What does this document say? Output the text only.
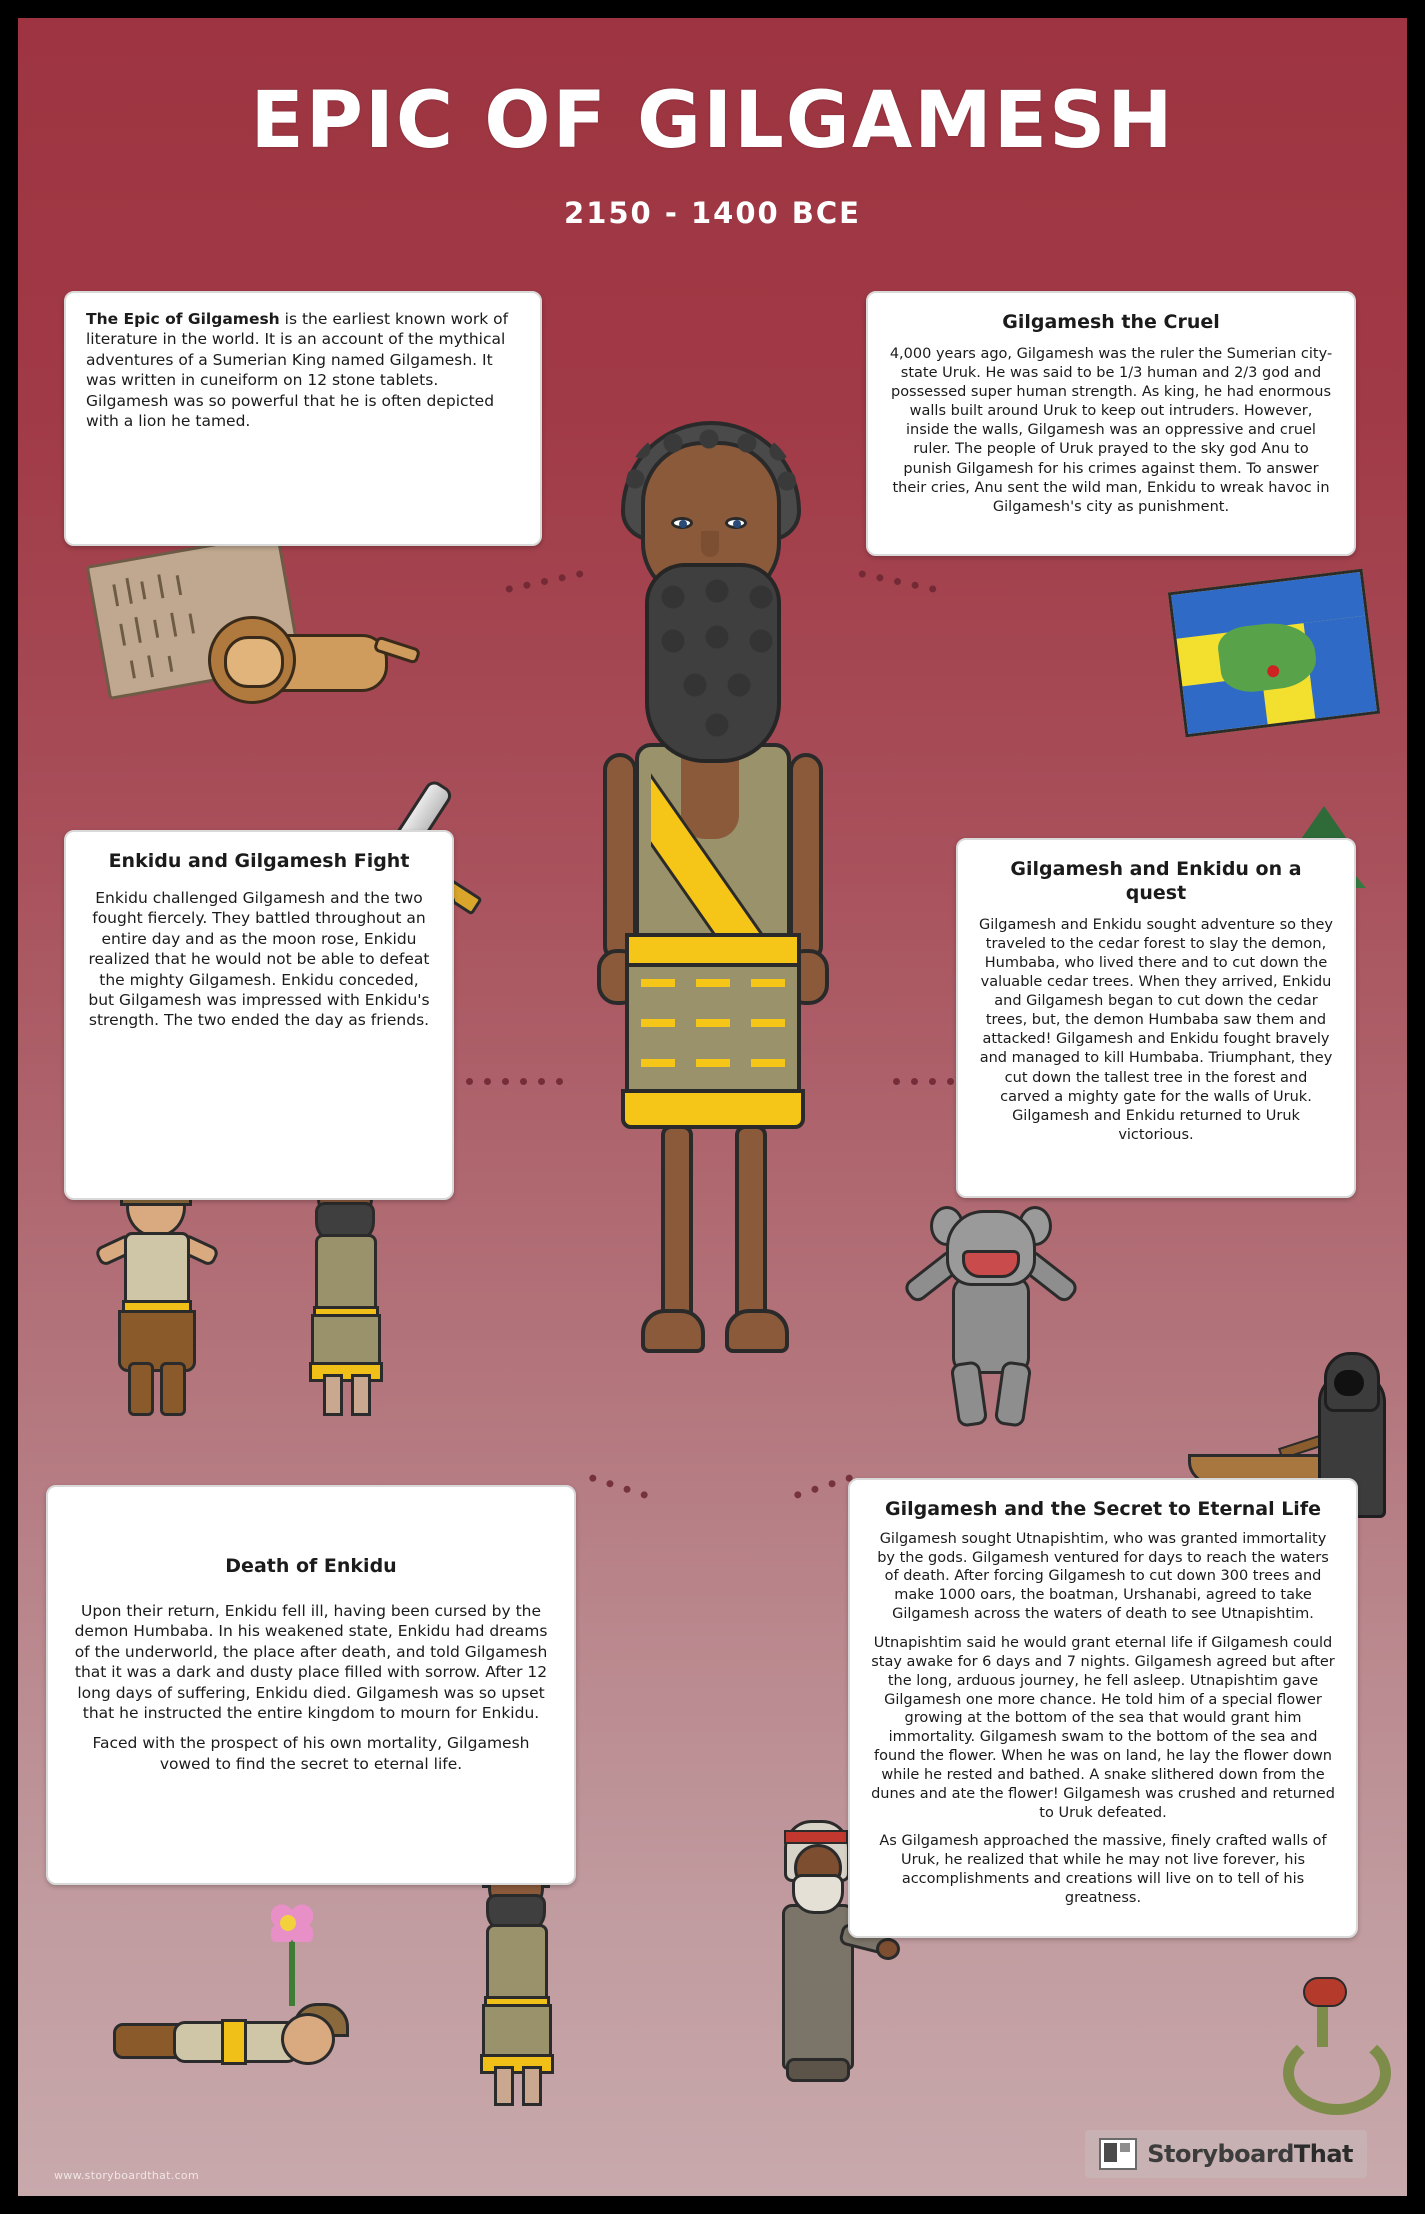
EPIC OF GILGAMESH
2150 - 1400 BCE

The Epic of Gilgamesh is the earliest known work of literature in the world. It is an account of the mythical adventures of a Sumerian King named Gilgamesh. It was written in cuneiform on 12 stone tablets. Gilgamesh was so powerful that he is often depicted with a lion he tamed.

Gilgamesh the Cruel

4,000 years ago, Gilgamesh was the ruler the Sumerian city-state Uruk. He was said to be 1/3 human and 2/3 god and possessed super human strength. As king, he had enormous walls built around Uruk to keep out intruders. However, inside the walls, Gilgamesh was an oppressive and cruel ruler. The people of Uruk prayed to the sky god Anu to punish Gilgamesh for his crimes against them. To answer their cries, Anu sent the wild man, Enkidu to wreak havoc in Gilgamesh's city as punishment.

Enkidu and Gilgamesh Fight

Enkidu challenged Gilgamesh and the two fought fiercely. They battled throughout an entire day and as the moon rose, Enkidu realized that he would not be able to defeat the mighty Gilgamesh. Enkidu conceded, but Gilgamesh was impressed with Enkidu's strength. The two ended the day as friends.

Gilgamesh and Enkidu on a quest

Gilgamesh and Enkidu sought adventure so they traveled to the cedar forest to slay the demon, Humbaba, who lived there and to cut down the valuable cedar trees. When they arrived, Enkidu and Gilgamesh began to cut down the cedar trees, but, the demon Humbaba saw them and attacked! Gilgamesh and Enkidu fought bravely and managed to kill Humbaba. Triumphant, they cut down the tallest tree in the forest and carved a mighty gate for the walls of Uruk. Gilgamesh and Enkidu returned to Uruk victorious.

Death of Enkidu

Upon their return, Enkidu fell ill, having been cursed by the demon Humbaba. In his weakened state, Enkidu had dreams of the underworld, the place after death, and told Gilgamesh that it was a dark and dusty place filled with sorrow. After 12 long days of suffering, Enkidu died. Gilgamesh was so upset that he instructed the entire kingdom to mourn for Enkidu.

Faced with the prospect of his own mortality, Gilgamesh vowed to find the secret to eternal life.

Gilgamesh and the Secret to Eternal Life

Gilgamesh sought Utnapishtim, who was granted immortality by the gods. Gilgamesh ventured for days to reach the waters of death. After forcing Gilgamesh to cut down 300 trees and make 1000 oars, the boatman, Urshanabi, agreed to take Gilgamesh across the waters of death to see Utnapishtim.

Utnapishtim said he would grant eternal life if Gilgamesh could stay awake for 6 days and 7 nights. Gilgamesh agreed but after the long, arduous journey, he fell asleep. Utnapishtim gave Gilgamesh one more chance. He told him of a special flower growing at the bottom of the sea that would grant him immortality. Gilgamesh swam to the bottom of the sea and found the flower. When he was on land, he lay the flower down while he rested and bathed. A snake slithered down from the dunes and ate the flower! Gilgamesh was crushed and returned to Uruk defeated.

As Gilgamesh approached the massive, finely crafted walls of Uruk, he realized that while he may not live forever, his accomplishments and creations will live on to tell of his greatness.

www.storyboardthat.com
StoryboardThat
